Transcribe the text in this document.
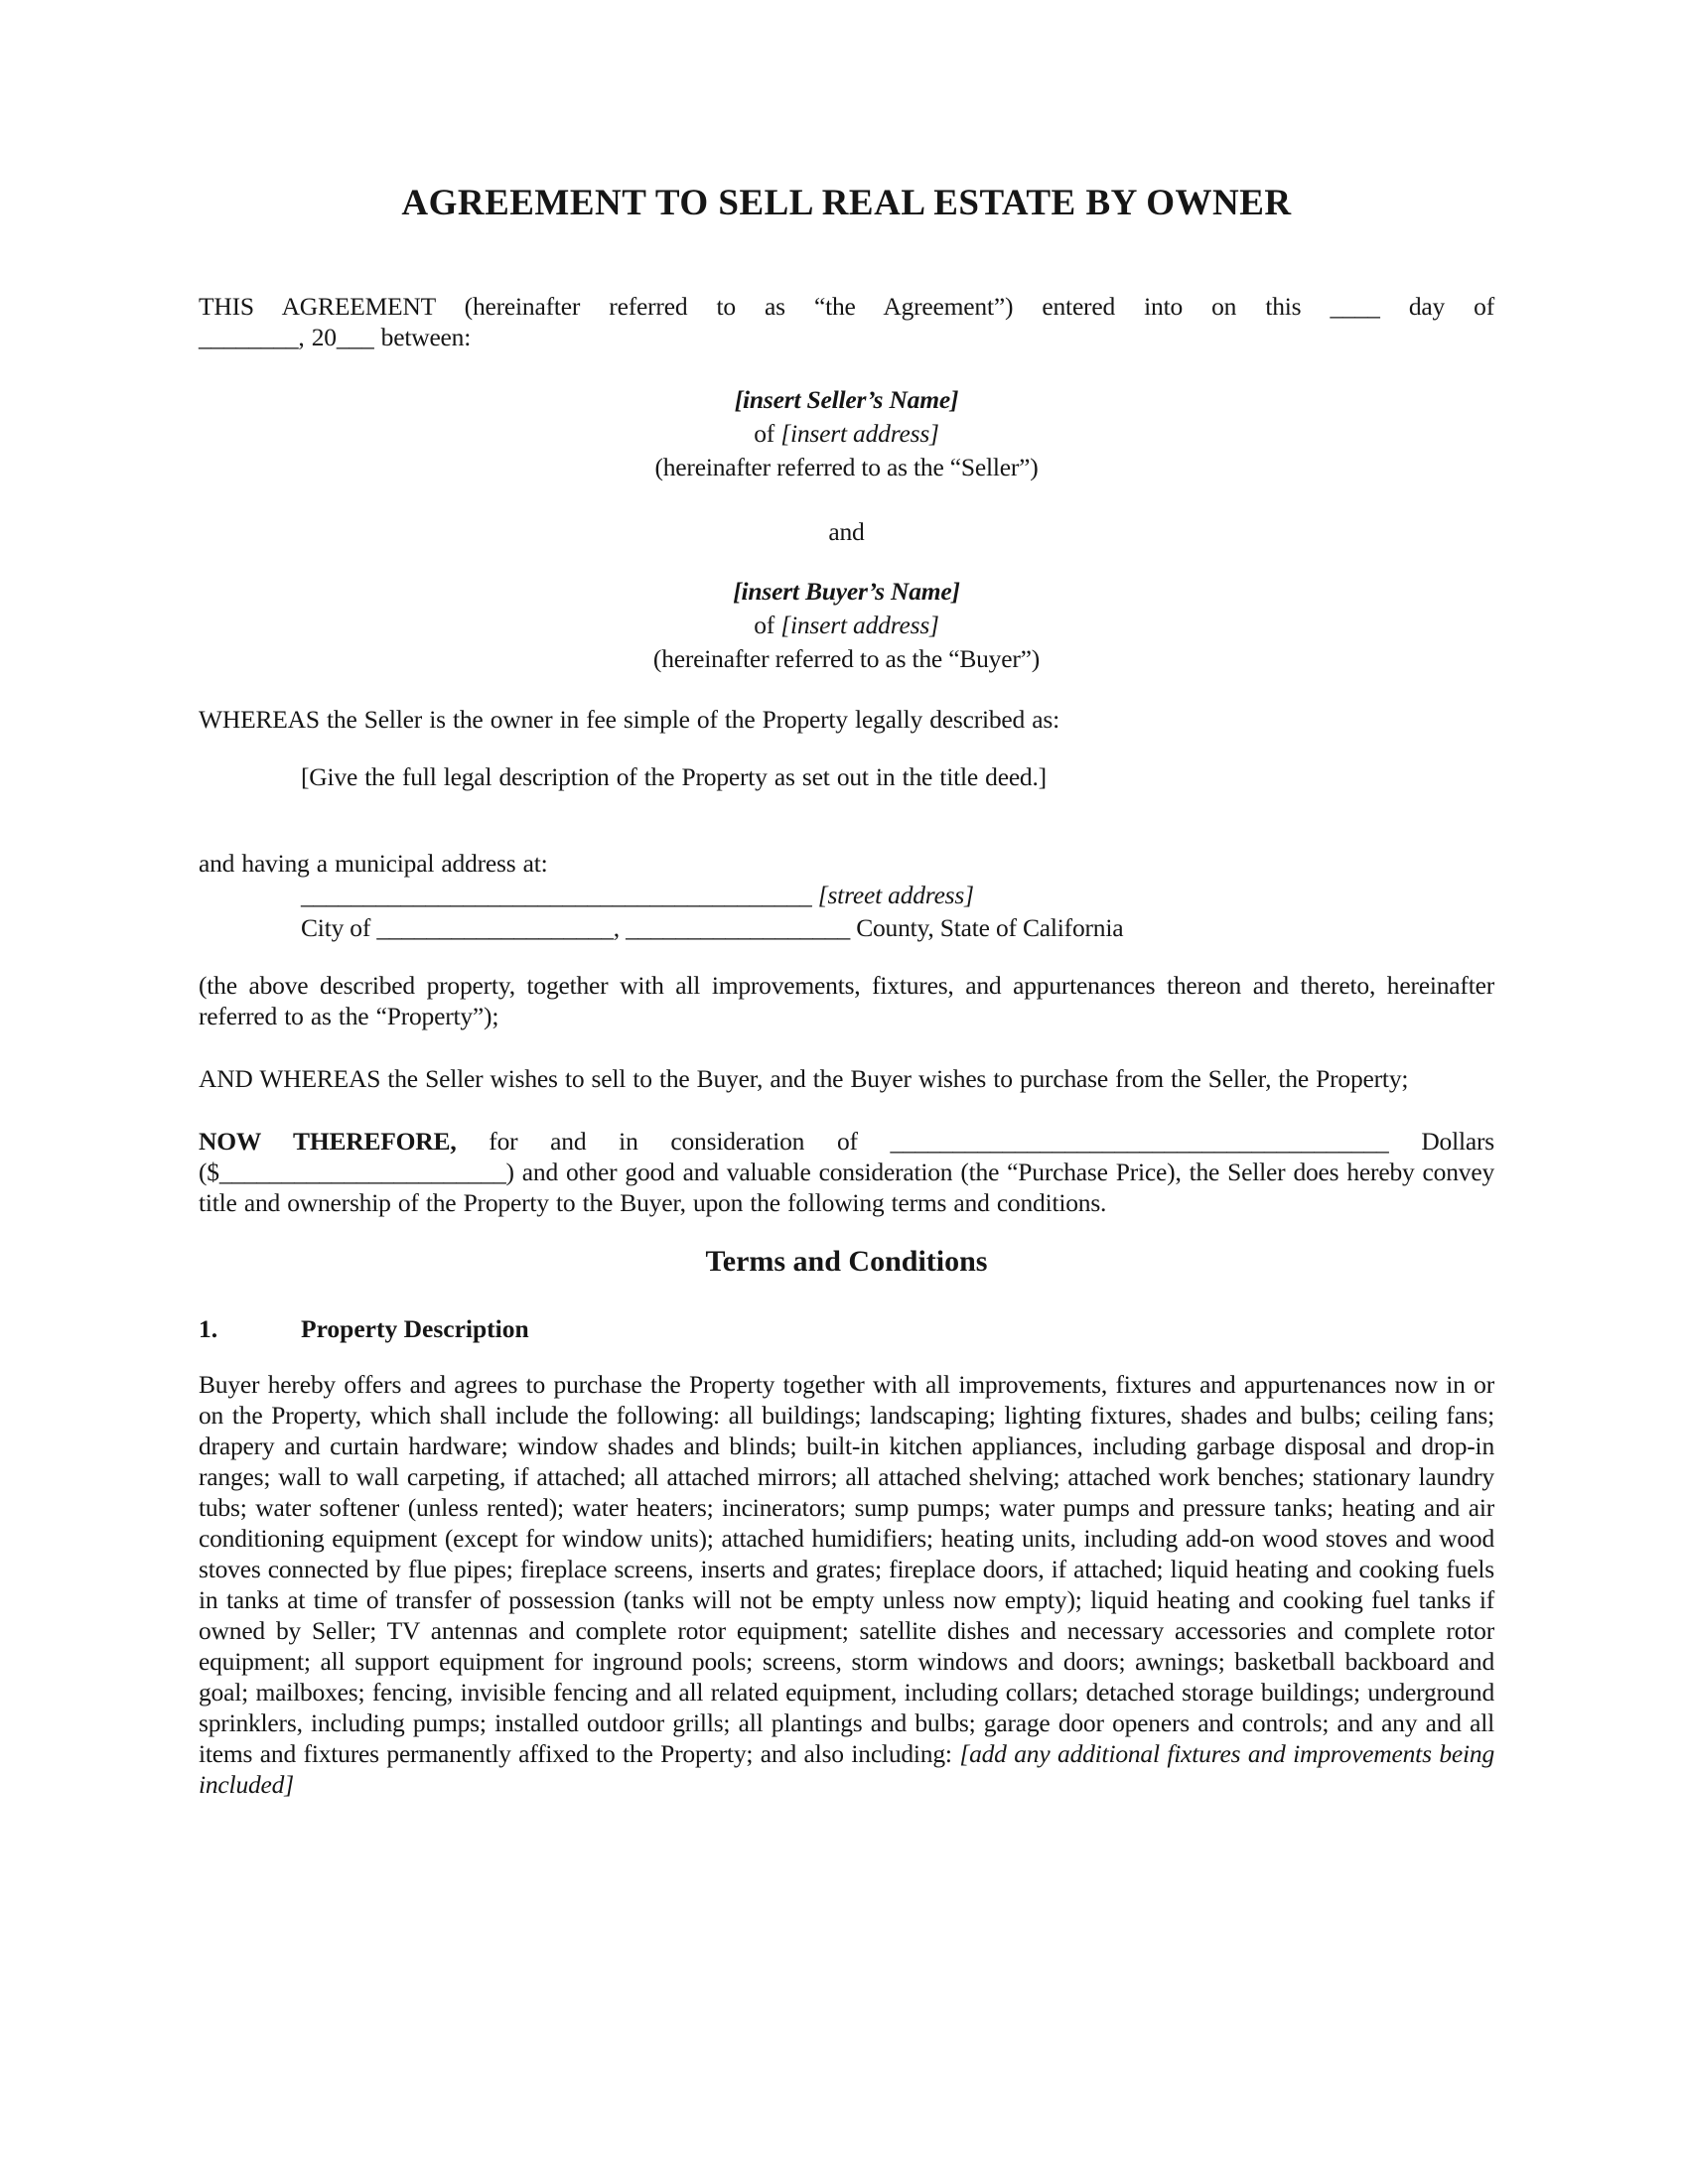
AGREEMENT TO SELL REAL ESTATE BY OWNER

THIS AGREEMENT (hereinafter referred to as “the Agreement”) entered into on this ____ day of
________, 20___ between:

[insert Seller’s Name]
of [insert address]
(hereinafter referred to as the “Seller”)
and
[insert Buyer’s Name]
of [insert address]
(hereinafter referred to as the “Buyer”)

WHEREAS the Seller is the owner in fee simple of the Property legally described as:

[Give the full legal description of the Property as set out in the title deed.]

and having a municipal address at:

_________________________________________ [street address]
City of ___________________, __________________ County, State of California

(the above described property, together with all improvements, fixtures, and appurtenances thereon and thereto, hereinafter referred to as the “Property”);

AND WHEREAS the Seller wishes to sell to the Buyer, and the Buyer wishes to purchase from the Seller, the Property;

NOW THEREFORE, for and in consideration of ________________________________________ Dollars ($_______________________) and other good and valuable consideration (the “Purchase Price), the Seller does hereby convey title and ownership of the Property to the Buyer, upon the following terms and conditions.

Terms and Conditions
1.	Property Description

Buyer hereby offers and agrees to purchase the Property together with all improvements, fixtures and appurtenances now in or on the Property, which shall include the following: all buildings; landscaping; lighting fixtures, shades and bulbs; ceiling fans; drapery and curtain hardware; window shades and blinds; built-in kitchen appliances, including garbage disposal and drop-in ranges; wall to wall carpeting, if attached; all attached mirrors; all attached shelving; attached work benches; stationary laundry tubs; water softener (unless rented); water heaters; incinerators; sump pumps; water pumps and pressure tanks; heating and air conditioning equipment (except for window units); attached humidifiers; heating units, including add-on wood stoves and wood stoves connected by flue pipes; fireplace screens, inserts and grates; fireplace doors, if attached; liquid heating and cooking fuels in tanks at time of transfer of possession (tanks will not be empty unless now empty); liquid heating and cooking fuel tanks if owned by Seller; TV antennas and complete rotor equipment; satellite dishes and necessary accessories and complete rotor equipment; all support equipment for inground pools; screens, storm windows and doors; awnings; basketball backboard and goal; mailboxes; fencing, invisible fencing and all related equipment, including collars; detached storage buildings; underground sprinklers, including pumps; installed outdoor grills; all plantings and bulbs; garage door openers and controls; and any and all items and fixtures permanently affixed to the Property; and also including: [add any additional fixtures and improvements being included]
